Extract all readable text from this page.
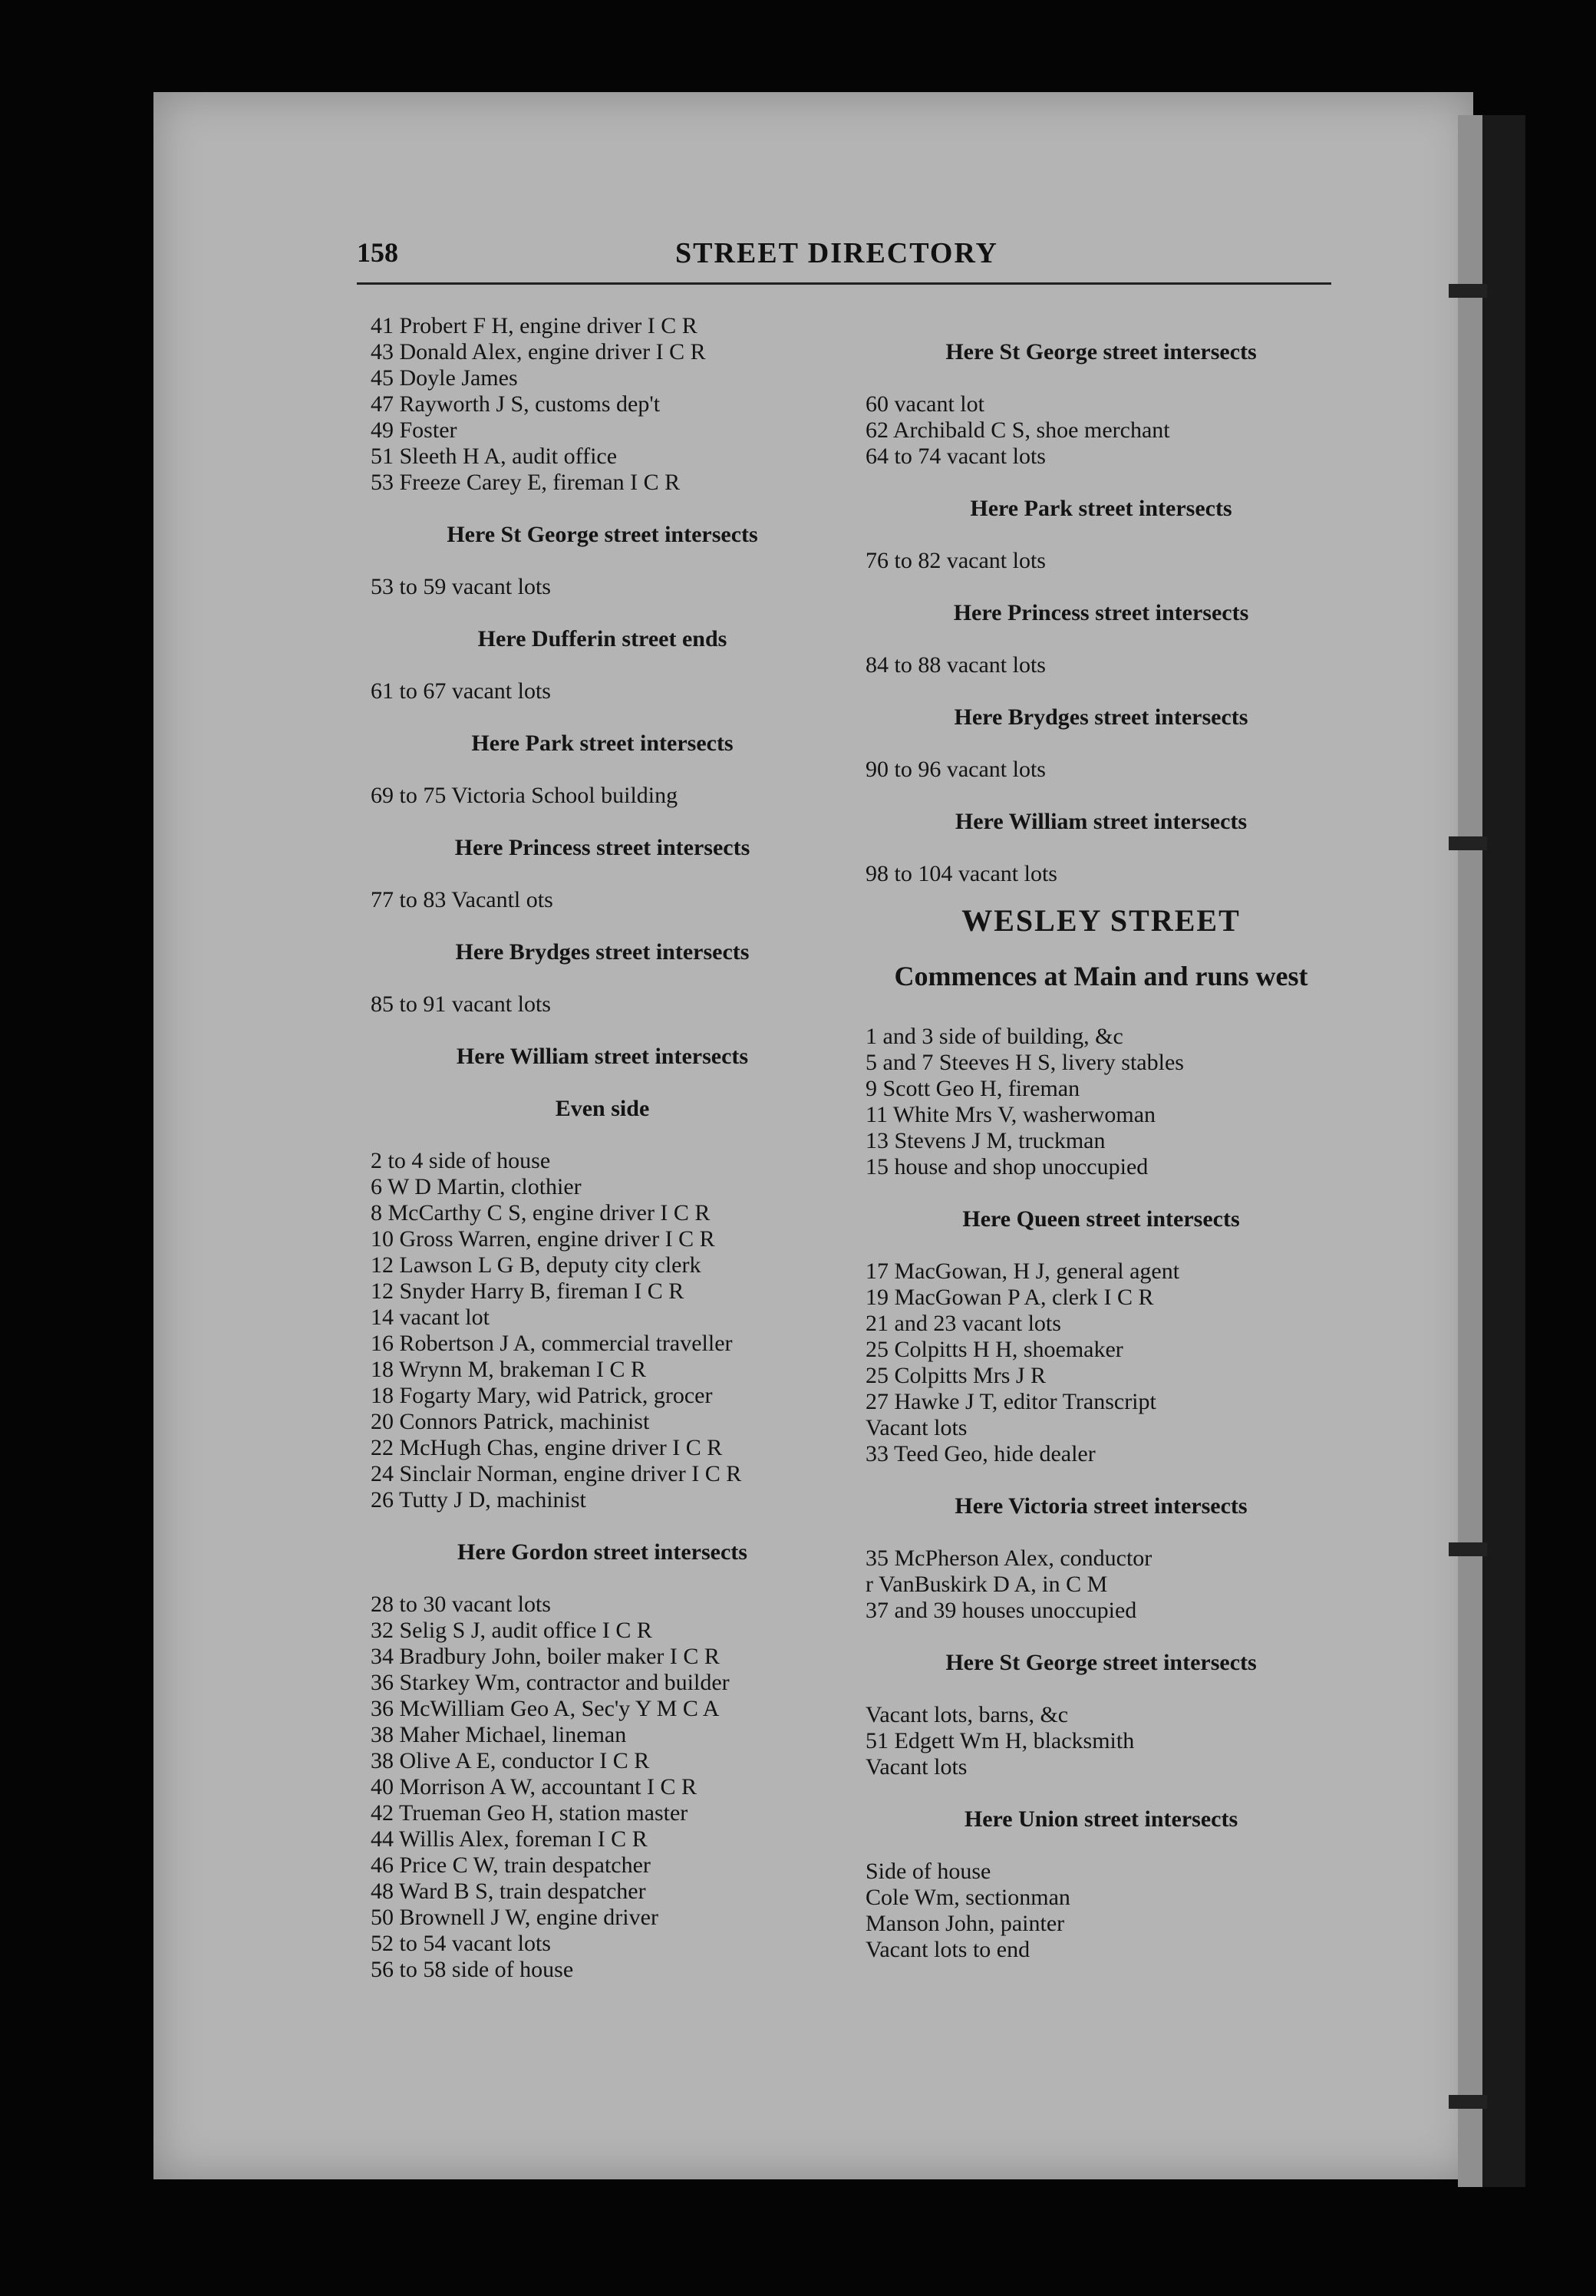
158	STREET DIRECTORY
41 Probert F H, engine driver I C R
43 Donald Alex, engine driver I C R
45 Doyle James
47 Rayworth J S, customs dep't
49 Foster
51 Sleeth H A, audit office
53 Freeze Carey E, fireman I C R
Here St George street intersects
53 to 59 vacant lots
Here Dufferin street ends
61 to 67 vacant lots
Here Park street intersects
69 to 75 Victoria School building
Here Princess street intersects
77 to 83 Vacantl ots
Here Brydges street intersects
85 to 91 vacant lots
Here William street intersects
Even side
2 to 4 side of house
6 W D Martin, clothier
8 McCarthy C S, engine driver I C R
10 Gross Warren, engine driver I C R
12 Lawson L G B, deputy city clerk
12 Snyder Harry B, fireman I C R
14 vacant lot
16 Robertson J A, commercial traveller
18 Wrynn M, brakeman I C R
18 Fogarty Mary, wid Patrick, grocer
20 Connors Patrick, machinist
22 McHugh Chas, engine driver I C R
24 Sinclair Norman, engine driver I C R
26 Tutty J D, machinist
Here Gordon street intersects
28 to 30 vacant lots
32 Selig S J, audit office I C R
34 Bradbury John, boiler maker I C R
36 Starkey Wm, contractor and builder
36 McWilliam Geo A, Sec'y Y M C A
38 Maher Michael, lineman
38 Olive A E, conductor I C R
40 Morrison A W, accountant I C R
42 Trueman Geo H, station master
44 Willis Alex, foreman I C R
46 Price C W, train despatcher
48 Ward B S, train despatcher
50 Brownell J W, engine driver
52 to 54 vacant lots
56 to 58 side of house
Here St George street intersects
60 vacant lot
62 Archibald C S, shoe merchant
64 to 74 vacant lots
Here Park street intersects
76 to 82 vacant lots
Here Princess street intersects
84 to 88 vacant lots
Here Brydges street intersects
90 to 96 vacant lots
Here William street intersects
98 to 104 vacant lots
WESLEY STREET
Commences at Main and runs west
1 and 3 side of building, &c
5 and 7 Steeves H S, livery stables
9 Scott Geo H, fireman
11 White Mrs V, washerwoman
13 Stevens J M, truckman
15 house and shop unoccupied
Here Queen street intersects
17 MacGowan, H J, general agent
19 MacGowan P A, clerk I C R
21 and 23 vacant lots
25 Colpitts H H, shoemaker
25 Colpitts Mrs J R
27 Hawke J T, editor Transcript
Vacant lots
33 Teed Geo, hide dealer
Here Victoria street intersects
35 McPherson Alex, conductor
r VanBuskirk D A, in C M
37 and 39 houses unoccupied
Here St George street intersects
Vacant lots, barns, &c
51 Edgett Wm H, blacksmith
Vacant lots
Here Union street intersects
Side of house
Cole Wm, sectionman
Manson John, painter
Vacant lots to end
